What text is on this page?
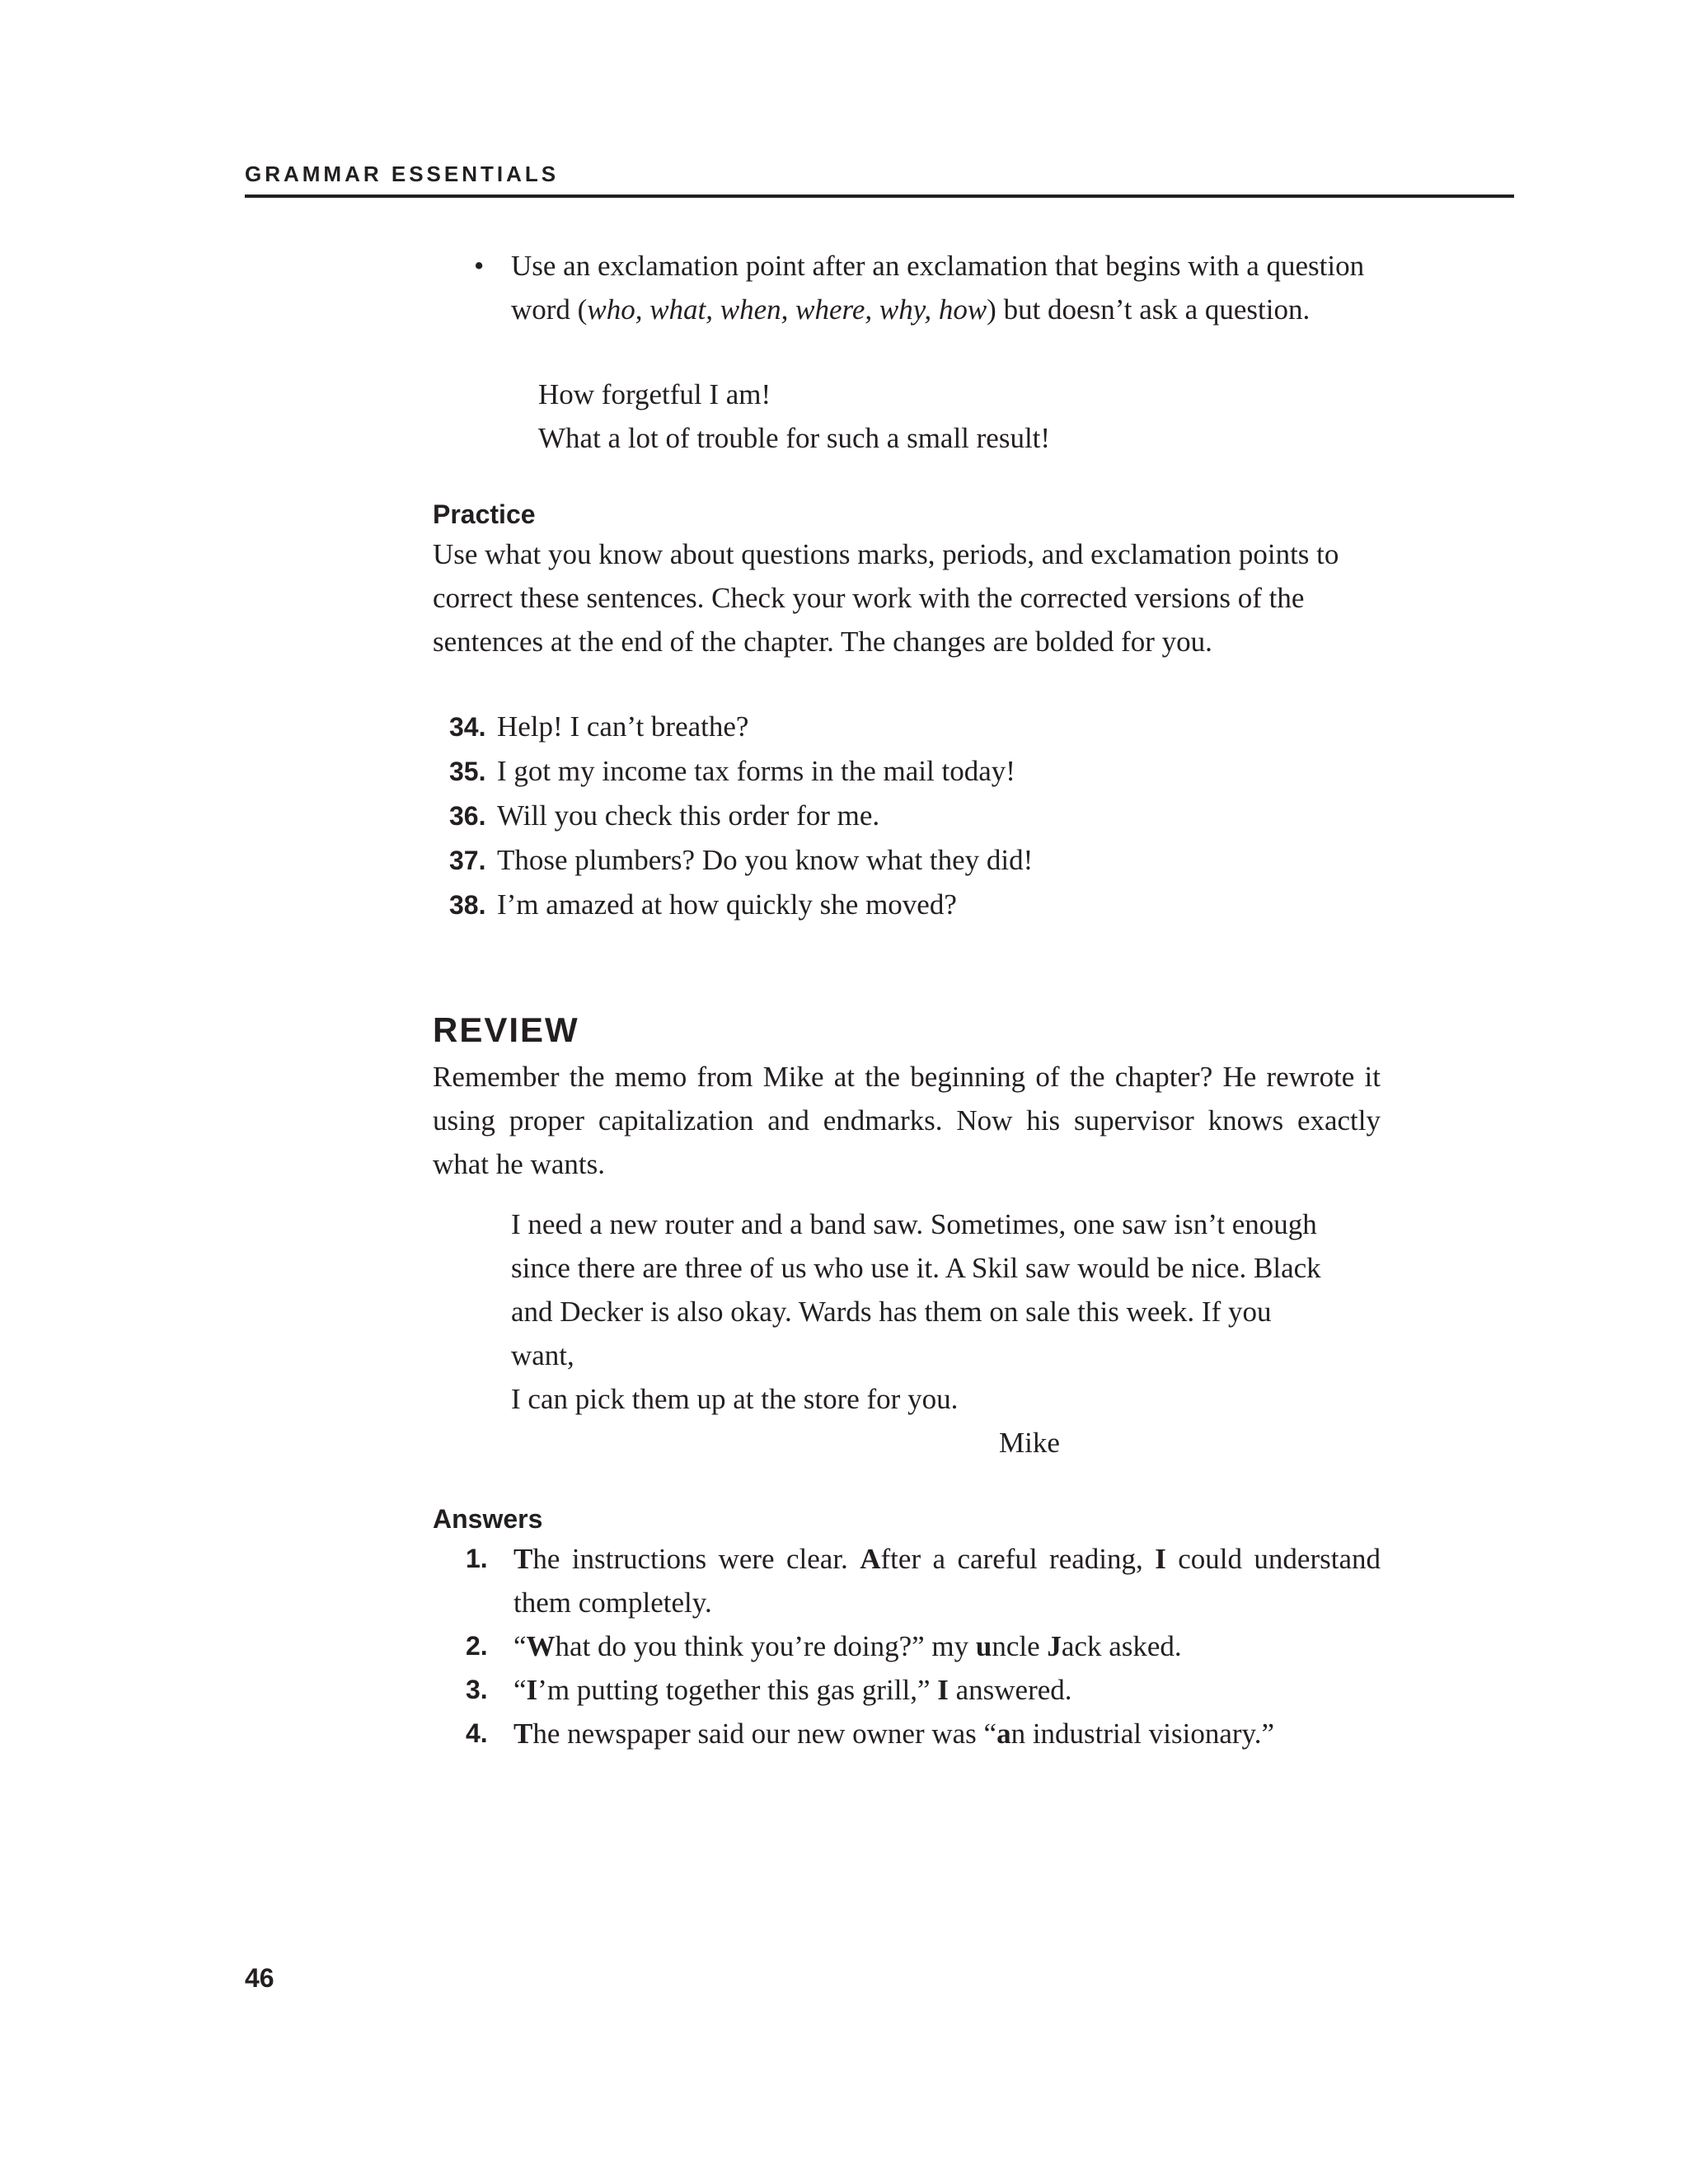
GRAMMAR ESSENTIALS

• Use an exclamation point after an exclamation that begins with a question word (who, what, when, where, why, how) but doesn’t ask a question.

How forgetful I am!

What a lot of trouble for such a small result!

Practice

Use what you know about questions marks, periods, and exclamation points to correct these sentences. Check your work with the corrected versions of the sentences at the end of the chapter. The changes are bolded for you.

34. Help! I can’t breathe?
35. I got my income tax forms in the mail today!
36. Will you check this order for me.
37. Those plumbers? Do you know what they did!
38. I’m amazed at how quickly she moved?

REVIEW

Remember the memo from Mike at the beginning of the chapter? He rewrote it using proper capitalization and endmarks. Now his supervisor knows exactly what he wants.

I need a new router and a band saw. Sometimes, one saw isn’t enough

since there are three of us who use it. A Skil saw would be nice. Black

and Decker is also okay. Wards has them on sale this week. If you want,

I can pick them up at the store for you.

Mike

Answers

1. The instructions were clear. After a careful reading, I could understand them completely.
2. “What do you think you’re doing?” my uncle Jack asked.
3. “I’m putting together this gas grill,” I answered.
4. The newspaper said our new owner was “an industrial visionary.”
46
